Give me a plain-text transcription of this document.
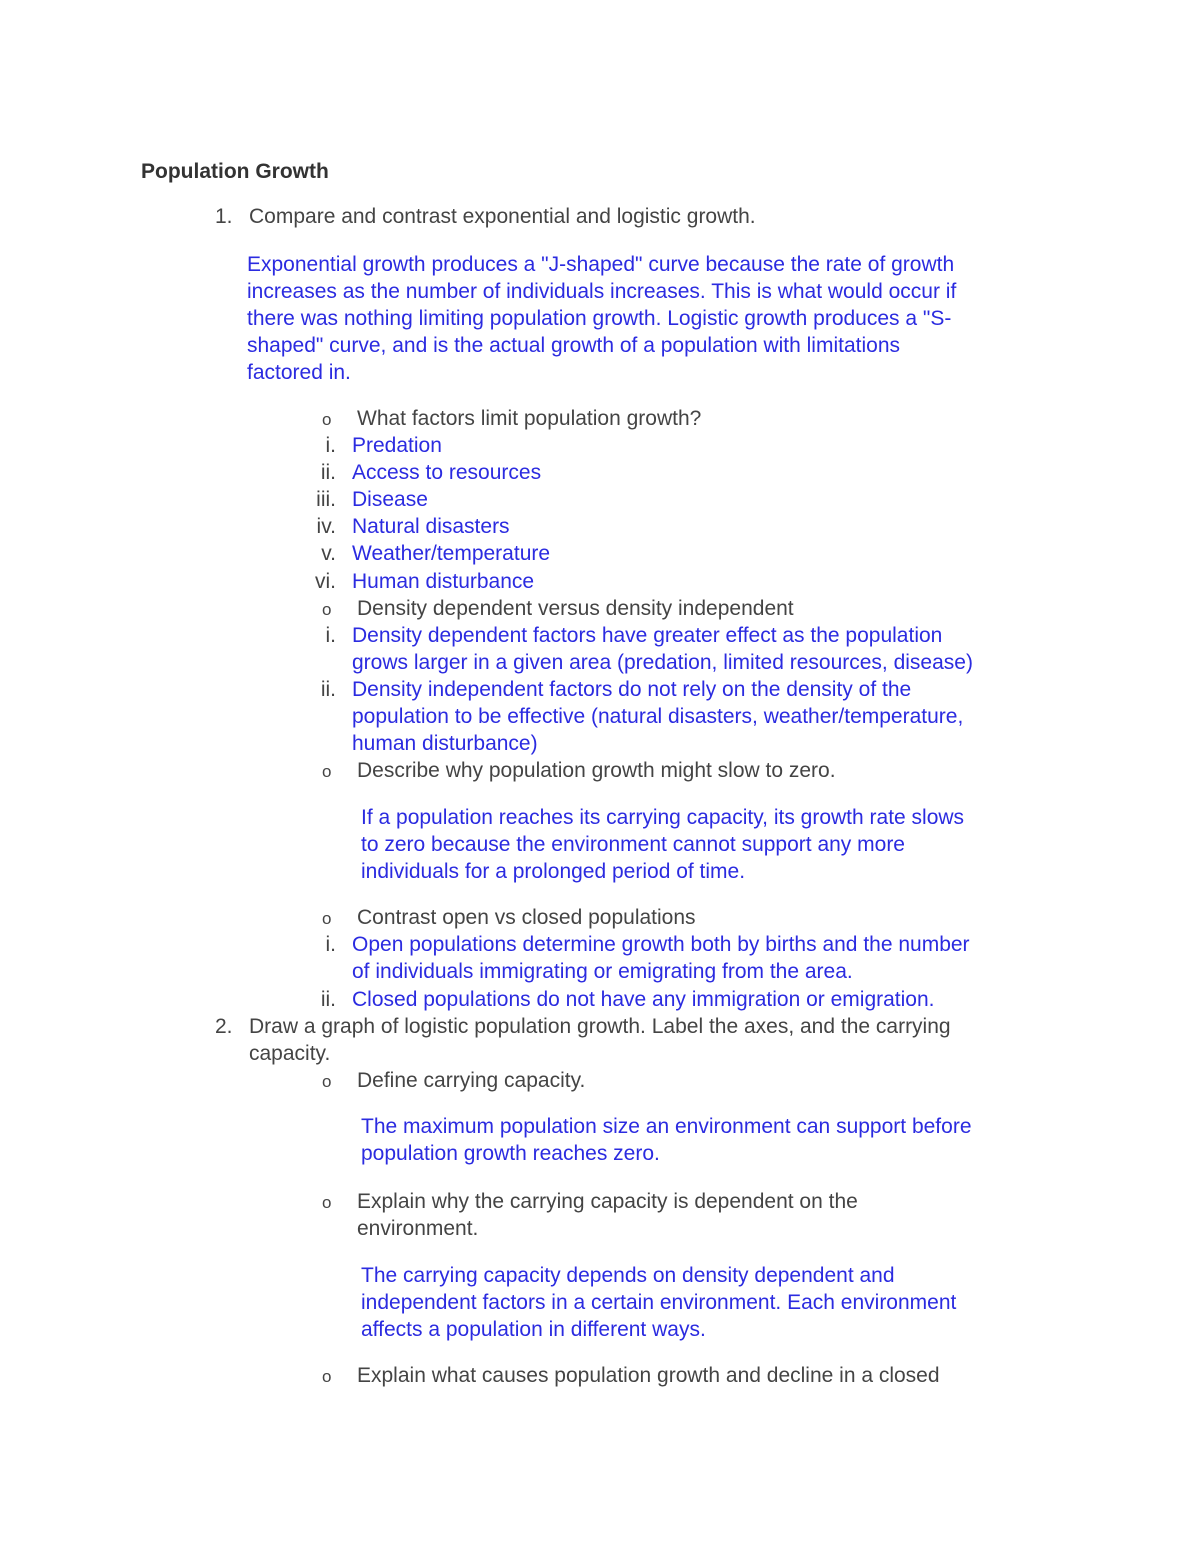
Population Growth
1. Compare and contrast exponential and logistic growth.
Exponential growth produces a "J-shaped" curve because the rate of growth
increases as the number of individuals increases. This is what would occur if
there was nothing limiting population growth. Logistic growth produces a "S-
shaped" curve, and is the actual growth of a population with limitations
factored in.
o What factors limit population growth?
i. Predation
ii. Access to resources
iii. Disease
iv. Natural disasters
v. Weather/temperature
vi. Human disturbance
o Density dependent versus density independent
i. Density dependent factors have greater effect as the population
grows larger in a given area (predation, limited resources, disease)
ii. Density independent factors do not rely on the density of the
population to be effective (natural disasters, weather/temperature,
human disturbance)
o Describe why population growth might slow to zero.
If a population reaches its carrying capacity, its growth rate slows
to zero because the environment cannot support any more
individuals for a prolonged period of time.
o Contrast open vs closed populations
i. Open populations determine growth both by births and the number
of individuals immigrating or emigrating from the area.
ii. Closed populations do not have any immigration or emigration.
2. Draw a graph of logistic population growth. Label the axes, and the carrying
capacity.
o Define carrying capacity.
The maximum population size an environment can support before
population growth reaches zero.
o Explain why the carrying capacity is dependent on the
environment.
The carrying capacity depends on density dependent and
independent factors in a certain environment. Each environment
affects a population in different ways.
o Explain what causes population growth and decline in a closed
